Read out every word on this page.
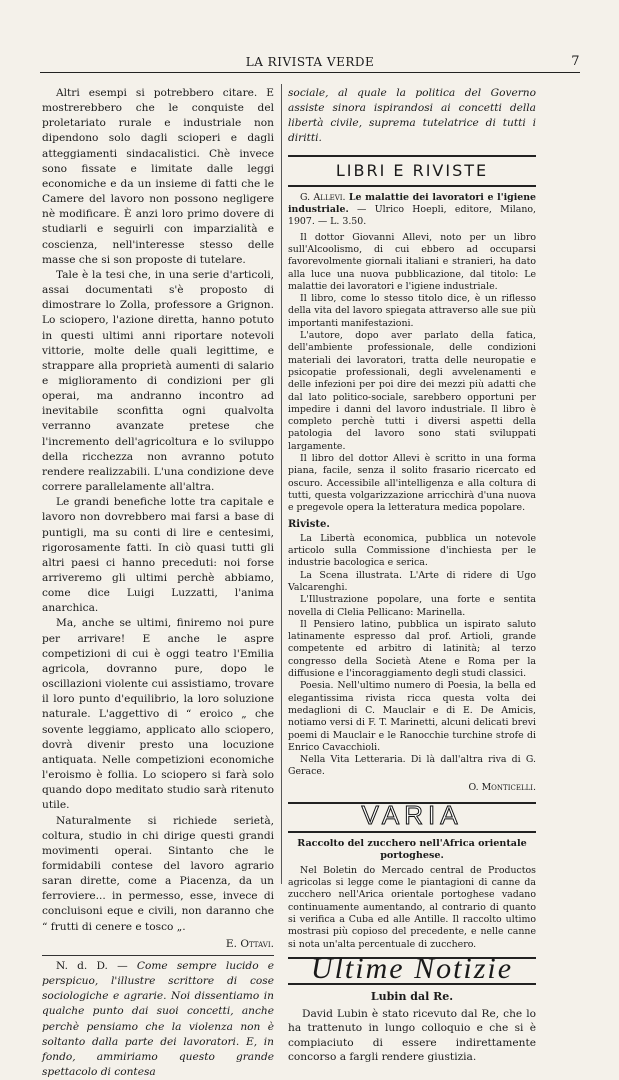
LA RIVISTA VERDE	7

Altri esempi si potrebbero citare. E mostrerebbero che le conquiste del proletariato rurale e industriale non dipendono solo dagli scioperi e dagli atteggiamenti sindacalistici. Chè invece sono fissate e limitate dalle leggi economiche e da un insieme di fatti che le Camere del lavoro non possono negligere nè modificare. È anzi loro primo dovere di studiarli e seguirli con imparzialità e coscienza, nell'interesse stesso delle masse che si son proposte di tutelare.

Tale è la tesi che, in una serie d'articoli, assai documentati s'è proposto di dimostrare lo Zolla, professore a Grignon. Lo sciopero, l'azione diretta, hanno potuto in questi ultimi anni riportare notevoli vittorie, molte delle quali legittime, e strappare alla proprietà aumenti di salario e miglioramento di condizioni per gli operai, ma andranno incontro ad inevitabile sconfitta ogni qualvolta verranno avanzate pretese che l'incremento dell'agricoltura e lo sviluppo della ricchezza non avranno potuto rendere realizzabili. L'una condizione deve correre parallelamente all'altra.

Le grandi benefiche lotte tra capitale e lavoro non dovrebbero mai farsi a base di puntigli, ma su conti di lire e centesimi, rigorosamente fatti. In ciò quasi tutti gli altri paesi ci hanno preceduti: noi forse arriveremo gli ultimi perchè abbiamo, come dice Luigi Luzzatti, l'anima anarchica.

Ma, anche se ultimi, finiremo noi pure per arrivare! E anche le aspre competizioni di cui è oggi teatro l'Emilia agricola, dovranno pure, dopo le oscillazioni violente cui assistiamo, trovare il loro punto d'equilibrio, la loro soluzione naturale. L'aggettivo di “ eroico „ che sovente leggiamo, applicato allo sciopero, dovrà divenir presto una locuzione antiquata. Nelle competizioni economiche l'eroismo è follia. Lo sciopero si farà solo quando dopo meditato studio sarà ritenuto utile.

Naturalmente si richiede serietà, coltura, studio in chi dirige questi grandi movimenti operai. Sintanto che le formidabili contese del lavoro agrario saran dirette, come a Piacenza, da un ferroviere... in permesso, esse, invece di concluisoni eque e civili, non daranno che “ frutti di cenere e tosco „.

E. Ottavi.

N. d. D. — Come sempre lucido e perspicuo, l'illustre scrittore di cose sociologiche e agrarie. Noi dissentiamo in qualche punto dai suoi concetti, anche perchè pensiamo che la violenza non è soltanto dalla parte dei lavoratori. E, in fondo, ammiriamo questo grande spettacolo di contesa

sociale, al quale la politica del Governo assiste sinora ispirandosi ai concetti della libertà civile, suprema tutelatrice di tutti i diritti.

LIBRI E RIVISTE

G. Allevi. Le malattie dei lavoratori e l'igiene industriale. — Ulrico Hoepli, editore, Milano, 1907. — L. 3.50.

Il dottor Giovanni Allevi, noto per un libro sull'Alcoolismo, di cui ebbero ad occuparsi favorevolmente giornali italiani e stranieri, ha dato alla luce una nuova pubblicazione, dal titolo: Le malattie dei lavoratori e l'igiene industriale.

Il libro, come lo stesso titolo dice, è un riflesso della vita del lavoro spiegata attraverso alle sue più importanti manifestazioni.

L'autore, dopo aver parlato della fatica, dell'ambiente professionale, delle condizioni materiali dei lavoratori, tratta delle neuropatie e psicopatie professionali, degli avvelenamenti e delle infezioni per poi dire dei mezzi più adatti che dal lato politico-sociale, sarebbero opportuni per impedire i danni del lavoro industriale. Il libro è completo perchè tutti i diversi aspetti della patologia del lavoro sono stati sviluppati largamente.

Il libro del dottor Allevi è scritto in una forma piana, facile, senza il solito frasario ricercato ed oscuro. Accessibile all'intelligenza e alla coltura di tutti, questa volgarizzazione arricchirà d'una nuova e pregevole opera la letteratura medica popolare.

Riviste.

La Libertà economica, pubblica un notevole articolo sulla Commissione d'inchiesta per le industrie bacologica e serica.

La Scena illustrata. L'Arte di ridere di Ugo Valcarenghi.

L'Illustrazione popolare, una forte e sentita novella di Clelia Pellicano: Marinella.

Il Pensiero latino, pubblica un ispirato saluto latinamente espresso dal prof. Artioli, grande competente ed arbitro di latinità; al terzo congresso della Società Atene e Roma per la diffusione e l'incoraggiamento degli studi classici.

Poesia. Nell'ultimo numero di Poesia, la bella ed elegantissima rivista ricca questa volta dei medaglioni di C. Mauclair e di E. De Amicis, notiamo versi di F. T. Marinetti, alcuni delicati brevi poemi di Mauclair e le Ranocchie turchine strofe di Enrico Cavacchioli.

Nella Vita Letteraria. Di là dall'altra riva di G. Gerace.

O. Monticelli.
VARIA
Raccolto del zucchero nell'Africa orientale portoghese.

Nel Boletin do Mercado central de Productos agricolas si legge come le piantagioni di canne da zucchero nell'Arica orientale portoghese vadano continuamente aumentando, al contrario di quanto si verifica a Cuba ed alle Antille. Il raccolto ultimo mostrasi più copioso del precedente, e nelle canne si nota un'alta percentuale di zucchero.

Ultime Notizie
Lubin dal Re.

David Lubin è stato ricevuto dal Re, che lo ha trattenuto in lungo colloquio e che si è compiaciuto di essere indirettamente concorso a fargli rendere giustizia.
